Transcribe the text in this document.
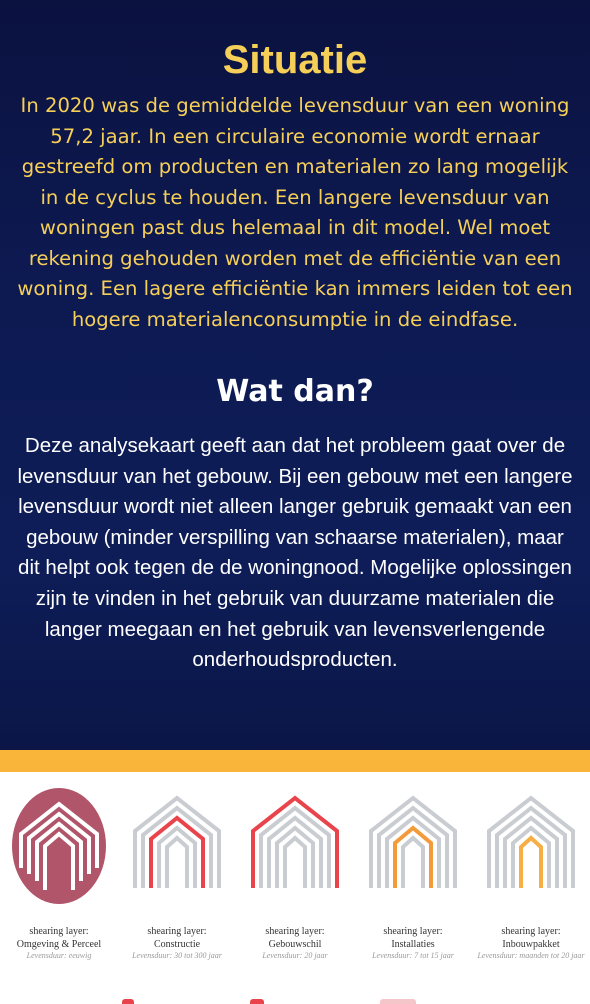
Situatie
In 2020 was de gemiddelde levensduur van een woning 57,2 jaar. In een circulaire economie wordt ernaar gestreefd om producten en materialen zo lang mogelijk in de cyclus te houden. Een langere levensduur van woningen past dus helemaal in dit model. Wel moet rekening gehouden worden met de efficiëntie van een woning. Een lagere efficiëntie kan immers leiden tot een hogere materialenconsumptie in de eindfase.
Wat dan?
Deze analysekaart geeft aan dat het probleem gaat over de levensduur van het gebouw. Bij een gebouw met een langere levensduur wordt niet alleen langer gebruik gemaakt van een gebouw (minder verspilling van schaarse materialen), maar dit helpt ook tegen de de woningnood. Mogelijke oplossingen zijn te vinden in het gebruik van duurzame materialen die langer meegaan en het gebruik van levensverlengende onderhoudsproducten.
shearing layer:
Omgeving & Perceel
Levensduur: eeuwig
shearing layer:
Constructie
Levensduur: 30 tot 300 jaar
shearing layer:
Gebouwschil
Levensduur: 20 jaar
shearing layer:
Installaties
Levensduur: 7 tot 15 jaar
shearing layer:
Inbouwpakket
Levensduur: maanden tot 20 jaar
